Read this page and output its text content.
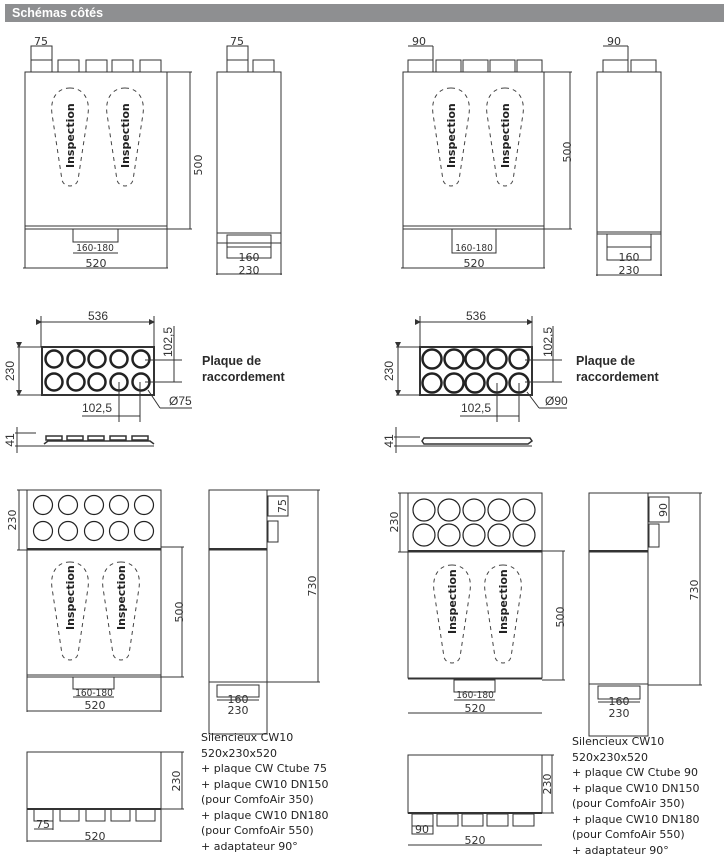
Schémas côtés
75	75
500
160-180
520	160
230
Inspection	Inspection
90	90
500
160-180
520	160
230
Inspection	Inspection
536
230
102,5
102,5	Ø75
41
Plaque de
raccordement
536
230
102,5
102,5	Ø90
41
Plaque de
raccordement
230
500
160-180
520
Inspection	Inspection
75
730
160
230
230
500
160-180
520
Inspection	Inspection
90
730
160
230
230
75
520
230
90
520
Silencieux CW10
520x230x520
+ plaque CW Ctube 75
+ plaque CW10 DN150
(pour ComfoAir 350)
+ plaque CW10 DN180
(pour ComfoAir 550)
+ adaptateur 90°
Silencieux CW10
520x230x520
+ plaque CW Ctube 90
+ plaque CW10 DN150
(pour ComfoAir 350)
+ plaque CW10 DN180
(pour ComfoAir 550)
+ adaptateur 90°
